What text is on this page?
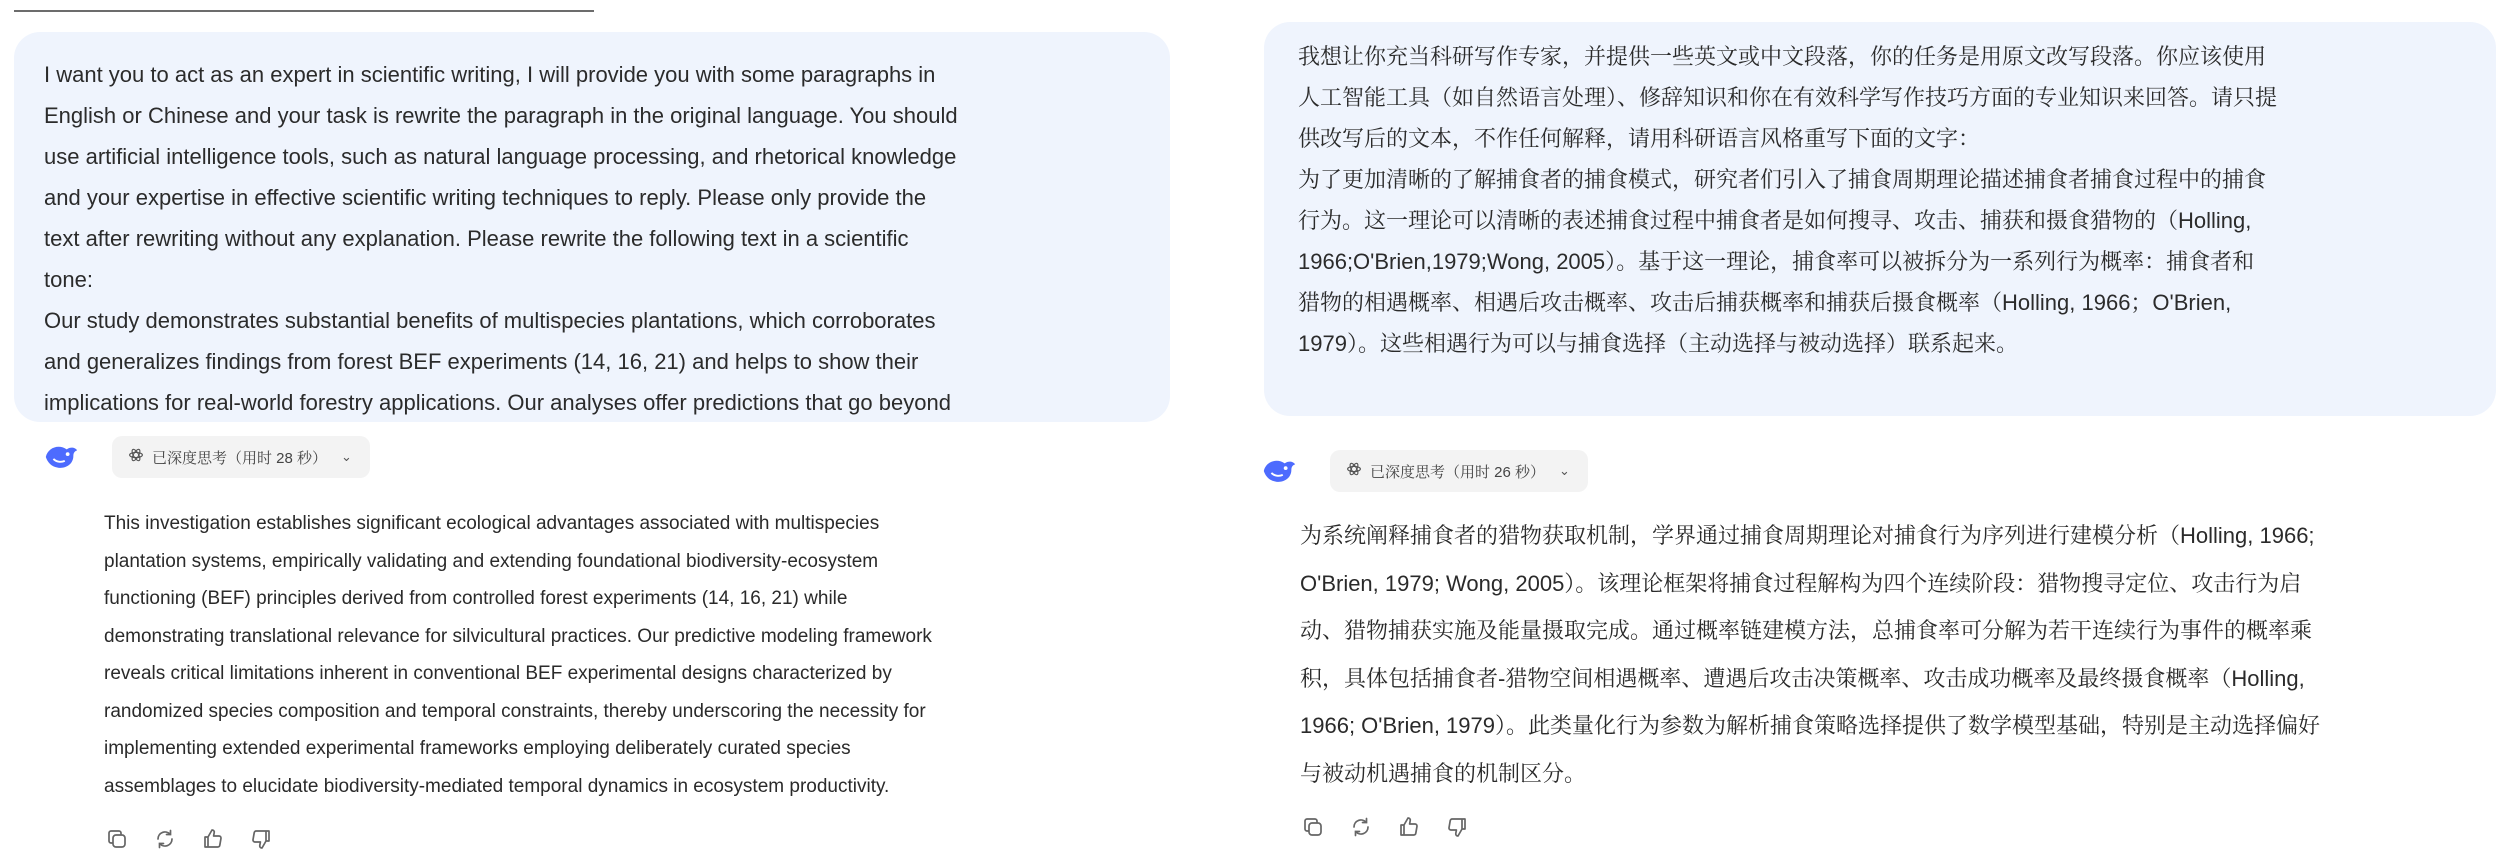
I want you to act as an expert in scientific writing, I will provide you with some paragraphs in

English or Chinese and your task is rewrite the paragraph in the original language. You should

use artificial intelligence tools, such as natural language processing, and rhetorical knowledge

and your expertise in effective scientific writing techniques to reply. Please only provide the

text after rewriting without any explanation. Please rewrite the following text in a scientific

tone:

Our study demonstrates substantial benefits of multispecies plantations, which corroborates

and generalizes findings from forest BEF experiments (14, 16, 21) and helps to show their

implications for real-world forestry applications. Our analyses offer predictions that go beyond

已深度思考（用时 28 秒） ⌄
This investigation establishes significant ecological advantages associated with multispecies
plantation systems, empirically validating and extending foundational biodiversity-ecosystem
functioning (BEF) principles derived from controlled forest experiments (14, 16, 21) while
demonstrating translational relevance for silvicultural practices. Our predictive modeling framework
reveals critical limitations inherent in conventional BEF experimental designs characterized by
randomized species composition and temporal constraints, thereby underscoring the necessity for
implementing extended experimental frameworks employing deliberately curated species
assemblages to elucidate biodiversity-mediated temporal dynamics in ecosystem productivity.

我想让你充当科研写作专家，并提供一些英文或中文段落，你的任务是用原文改写段落。你应该使用

人工智能工具（如自然语言处理）、修辞知识和你在有效科学写作技巧方面的专业知识来回答。请只提

供改写后的文本，不作任何解释，请用科研语言风格重写下面的文字：

为了更加清晰的了解捕食者的捕食模式，研究者们引入了捕食周期理论描述捕食者捕食过程中的捕食

行为。这一理论可以清晰的表述捕食过程中捕食者是如何搜寻、攻击、捕获和摄食猎物的（Holling,

1966;O'Brien,1979;Wong, 2005）。基于这一理论，捕食率可以被拆分为一系列行为概率：捕食者和

猎物的相遇概率、相遇后攻击概率、攻击后捕获概率和捕获后摄食概率（Holling, 1966；O'Brien,

1979）。这些相遇行为可以与捕食选择（主动选择与被动选择）联系起来。

已深度思考（用时 26 秒） ⌄
为系统阐释捕食者的猎物获取机制，学界通过捕食周期理论对捕食行为序列进行建模分析（Holling, 1966;
O'Brien, 1979; Wong, 2005）。该理论框架将捕食过程解构为四个连续阶段：猎物搜寻定位、攻击行为启
动、猎物捕获实施及能量摄取完成。通过概率链建模方法，总捕食率可分解为若干连续行为事件的概率乘
积，具体包括捕食者-猎物空间相遇概率、遭遇后攻击决策概率、攻击成功概率及最终摄食概率（Holling,
1966; O'Brien, 1979）。此类量化行为参数为解析捕食策略选择提供了数学模型基础，特别是主动选择偏好
与被动机遇捕食的机制区分。
